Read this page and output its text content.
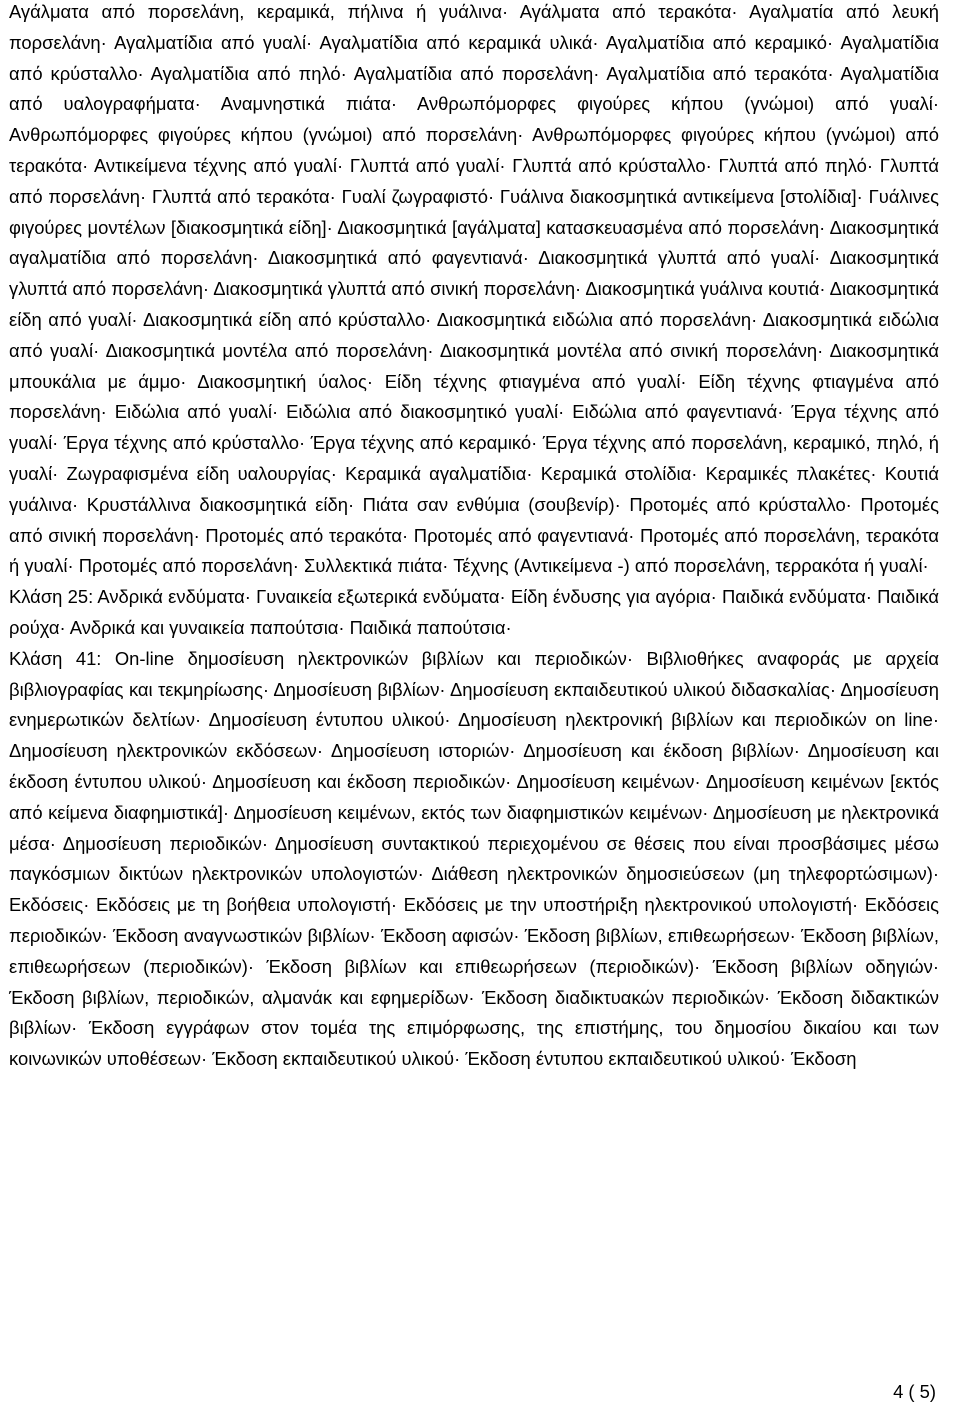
Αγάλματα από πορσελάνη, κεραμικά, πήλινα ή γυάλινα· Αγάλματα από τερακότα· Αγαλματία από λευκή πορσελάνη· Αγαλματίδια από γυαλί· Αγαλματίδια από κεραμικά υλικά· Αγαλματίδια από κεραμικό· Αγαλματίδια από κρύσταλλο· Αγαλματίδια από πηλό· Αγαλματίδια από πορσελάνη· Αγαλματίδια από τερακότα· Αγαλματίδια από υαλογραφήματα· Αναμνηστικά πιάτα· Ανθρωπόμορφες φιγούρες κήπου (γνώμοι) από γυαλί· Ανθρωπόμορφες φιγούρες κήπου (γνώμοι) από πορσελάνη· Ανθρωπόμορφες φιγούρες κήπου (γνώμοι) από τερακότα· Αντικείμενα τέχνης από γυαλί· Γλυπτά από γυαλί· Γλυπτά από κρύσταλλο· Γλυπτά από πηλό· Γλυπτά από πορσελάνη· Γλυπτά από τερακότα· Γυαλί ζωγραφιστό· Γυάλινα διακοσμητικά αντικείμενα [στολίδια]· Γυάλινες φιγούρες μοντέλων [διακοσμητικά είδη]· Διακοσμητικά [αγάλματα] κατασκευασμένα από πορσελάνη· Διακοσμητικά αγαλματίδια από πορσελάνη· Διακοσμητικά από φαγεντιανά· Διακοσμητικά γλυπτά από γυαλί· Διακοσμητικά γλυπτά από πορσελάνη· Διακοσμητικά γλυπτά από σινική πορσελάνη· Διακοσμητικά γυάλινα κουτιά· Διακοσμητικά είδη από γυαλί· Διακοσμητικά είδη από κρύσταλλο· Διακοσμητικά ειδώλια από πορσελάνη· Διακοσμητικά ειδώλια από γυαλί· Διακοσμητικά μοντέλα από πορσελάνη· Διακοσμητικά μοντέλα από σινική πορσελάνη· Διακοσμητικά μπουκάλια με άμμο· Διακοσμητική ύαλος· Είδη τέχνης φτιαγμένα από γυαλί· Είδη τέχνης φτιαγμένα από πορσελάνη· Ειδώλια από γυαλί· Ειδώλια από διακοσμητικό γυαλί· Ειδώλια από φαγεντιανά· Έργα τέχνης από γυαλί· Έργα τέχνης από κρύσταλλο· Έργα τέχνης από κεραμικό· Έργα τέχνης από πορσελάνη, κεραμικό, πηλό, ή γυαλί· Ζωγραφισμένα είδη υαλουργίας· Κεραμικά αγαλματίδια· Κεραμικά στολίδια· Κεραμικές πλακέτες· Κουτιά γυάλινα· Κρυστάλλινα διακοσμητικά είδη· Πιάτα σαν ενθύμια (σουβενίρ)· Προτομές από κρύσταλλο· Προτομές από σινική πορσελάνη· Προτομές από τερακότα· Προτομές από φαγεντιανά· Προτομές από πορσελάνη, τερακότα ή γυαλί· Προτομές από πορσελάνη· Συλλεκτικά πιάτα· Τέχνης (Αντικείμενα -) από πορσελάνη, τερρακότα ή γυαλί·

Κλάση 25: Ανδρικά ενδύματα· Γυναικεία εξωτερικά ενδύματα· Είδη ένδυσης για αγόρια· Παιδικά ενδύματα· Παιδικά ρούχα· Ανδρικά και γυναικεία παπούτσια· Παιδικά παπούτσια·

Κλάση 41: On-line δημοσίευση ηλεκτρονικών βιβλίων και περιοδικών· Βιβλιοθήκες αναφοράς με αρχεία βιβλιογραφίας και τεκμηρίωσης· Δημοσίευση βιβλίων· Δημοσίευση εκπαιδευτικού υλικού διδασκαλίας· Δημοσίευση ενημερωτικών δελτίων· Δημοσίευση έντυπου υλικού· Δημοσίευση ηλεκτρονική βιβλίων και περιοδικών on line· Δημοσίευση ηλεκτρονικών εκδόσεων· Δημοσίευση ιστοριών· Δημοσίευση και έκδοση βιβλίων· Δημοσίευση και έκδοση έντυπου υλικού· Δημοσίευση και έκδοση περιοδικών· Δημοσίευση κειμένων· Δημοσίευση κειμένων [εκτός από κείμενα διαφημιστικά]· Δημοσίευση κειμένων, εκτός των διαφημιστικών κειμένων· Δημοσίευση με ηλεκτρονικά μέσα· Δημοσίευση περιοδικών· Δημοσίευση συντακτικού περιεχομένου σε θέσεις που είναι προσβάσιμες μέσω παγκόσμιων δικτύων ηλεκτρονικών υπολογιστών· Διάθεση ηλεκτρονικών δημοσιεύσεων (μη τηλεφορτώσιμων)· Εκδόσεις· Εκδόσεις με τη βοήθεια υπολογιστή· Εκδόσεις με την υποστήριξη ηλεκτρονικού υπολογιστή· Εκδόσεις περιοδικών· Έκδοση αναγνωστικών βιβλίων· Έκδοση αφισών· Έκδοση βιβλίων, επιθεωρήσεων· Έκδοση βιβλίων, επιθεωρήσεων (περιοδικών)· Έκδοση βιβλίων και επιθεωρήσεων (περιοδικών)· Έκδοση βιβλίων οδηγιών· Έκδοση βιβλίων, περιοδικών, αλμανάκ και εφημερίδων· Έκδοση διαδικτυακών περιοδικών· Έκδοση διδακτικών βιβλίων· Έκδοση εγγράφων στον τομέα της επιμόρφωσης, της επιστήμης, του δημοσίου δικαίου και των κοινωνικών υποθέσεων· Έκδοση εκπαιδευτικού υλικού· Έκδοση έντυπου εκπαιδευτικού υλικού· Έκδοση

4 ( 5)
